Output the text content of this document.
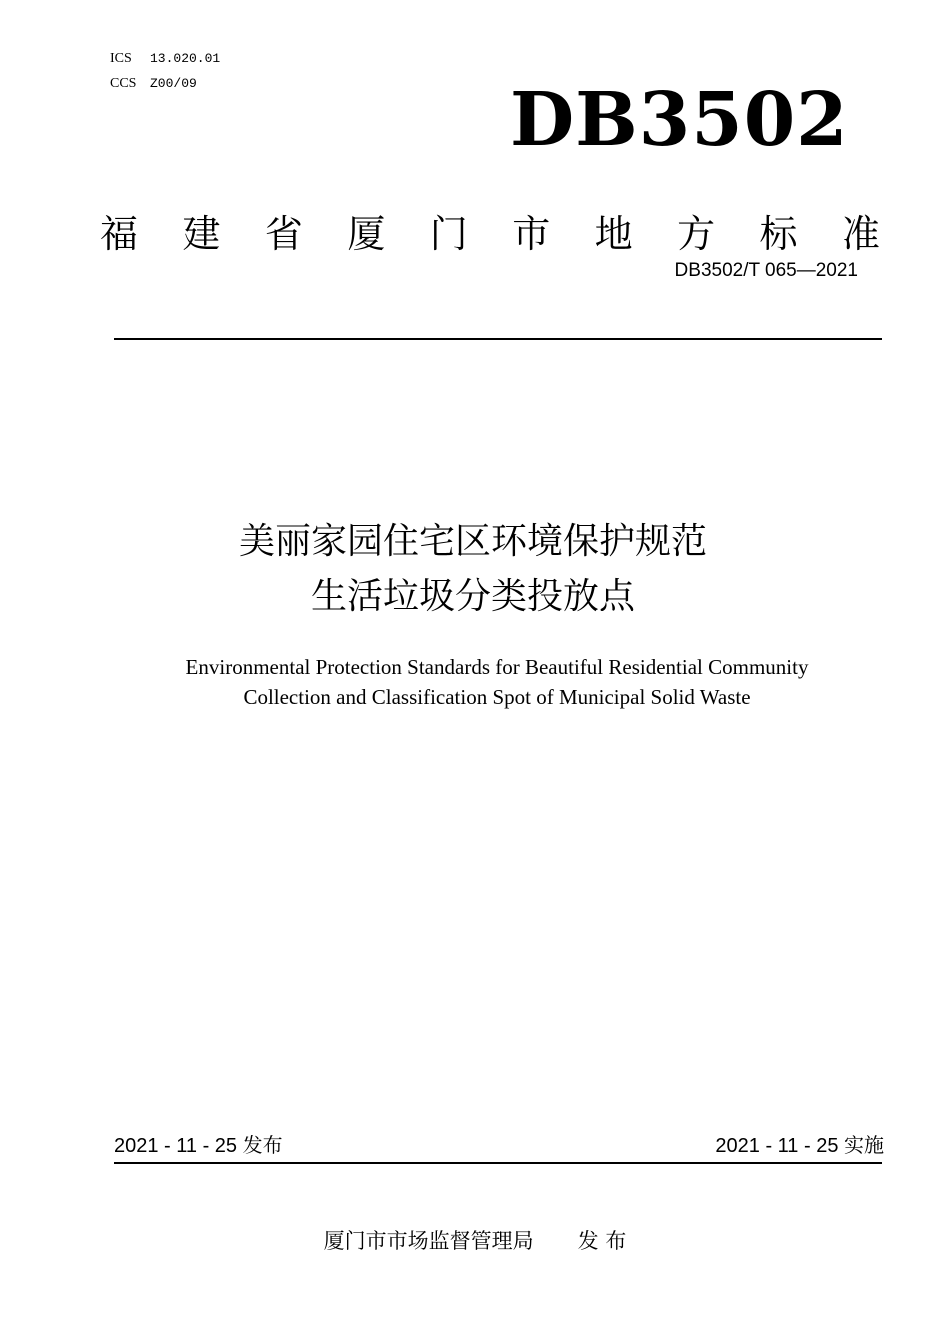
ICS 13.020.01
CCS Z00/09	DB3502
福 建 省 厦 门 市 地 方 标 准
DB3502/T 065—2021
美丽家园住宅区环境保护规范
生活垃圾分类投放点
Environmental Protection Standards for Beautiful Residential Community
Collection and Classification Spot of Municipal Solid Waste
2021 - 11 - 25 发布	2021 - 11 - 25 实施
厦门市市场监督管理局 发 布
